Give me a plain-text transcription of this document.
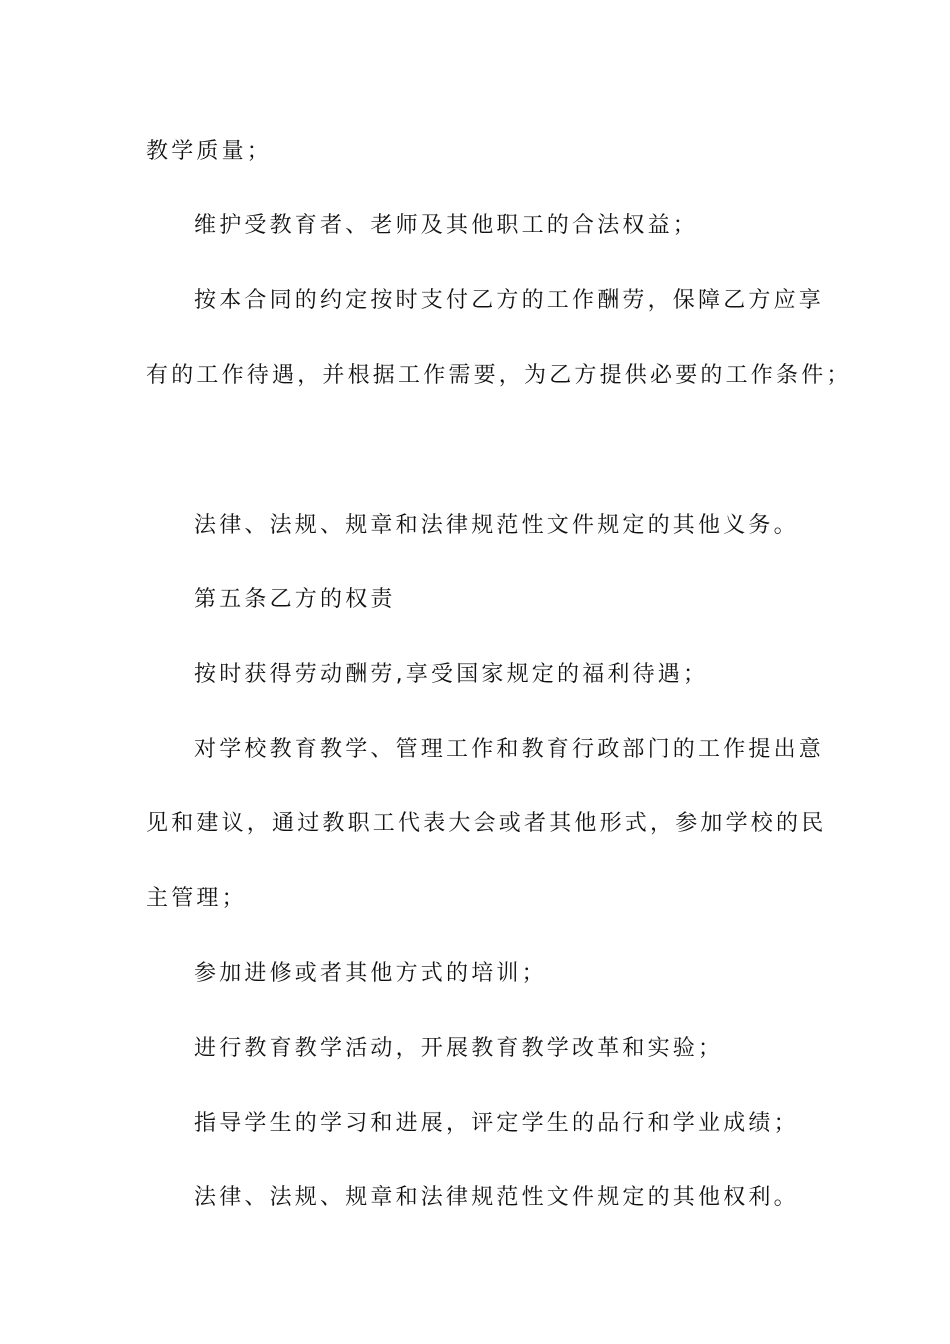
教学质量；
维护受教育者、老师及其他职工的合法权益；
按本合同的约定按时支付乙方的工作酬劳，保障乙方应享
有的工作待遇，并根据工作需要，为乙方提供必要的工作条件；
法律、法规、规章和法律规范性文件规定的其他义务。
第五条乙方的权责
按时获得劳动酬劳,享受国家规定的福利待遇；
对学校教育教学、管理工作和教育行政部门的工作提出意
见和建议，通过教职工代表大会或者其他形式，参加学校的民
主管理；
参加进修或者其他方式的培训；
进行教育教学活动，开展教育教学改革和实验；
指导学生的学习和进展，评定学生的品行和学业成绩；
法律、法规、规章和法律规范性文件规定的其他权利。
